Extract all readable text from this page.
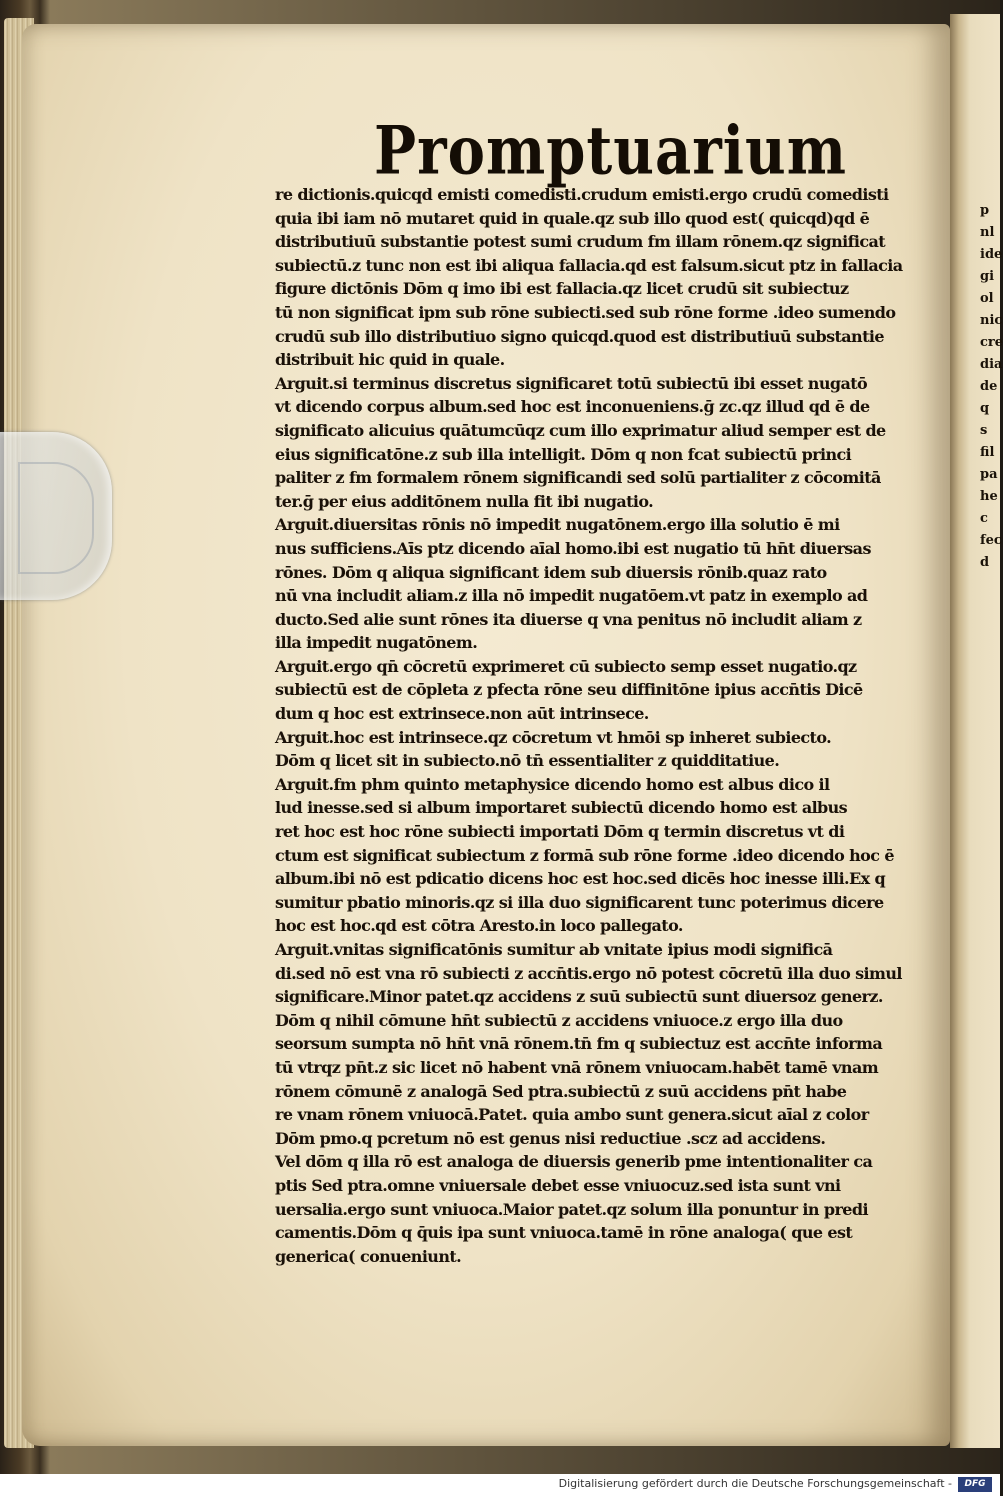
p
nl
ide
gi
ol
nic
cre
dia
de
q
s
fil
pa
he
c
fec
d
Promptuarium
re dictionis.quicqd emisti comedisti.crudum emisti.ergo crudū comedisti
quia ibi iam nō mutaret quid in quale.qz sub illo quod est( quicqd)qd ē
distributiuū substantie potest sumi crudum fm illam rōnem.qz significat
subiectū.z tunc non est ibi aliqua fallacia.qd est falsum.sicut ptz in fallacia
figure dictōnis Dōm q imo ibi est fallacia.qz licet crudū sit subiectuz
tū non significat ipm sub rōne subiecti.sed sub rōne forme .ideo sumendo
crudū sub illo distributiuo signo quicqd.quod est distributiuū substantie
distribuit hic quid in quale.
Arguit.si terminus discretus significaret totū subiectū ibi esset nugatō
vt dicendo corpus album.sed hoc est inconueniens.ḡ zc.qz illud qd ē de
significato alicuius quātumcūqz cum illo exprimatur aliud semper est de
eius significatōne.z sub illa intelligit. Dōm q non fcat subiectū princi
paliter z fm formalem rōnem significandi sed solū partialiter z cōcomitā
ter.ḡ per eius additōnem nulla fit ibi nugatio.
Arguit.diuersitas rōnis nō impedit nugatōnem.ergo illa solutio ē mi
nus sufficiens.Aīs ptz dicendo aīal homo.ibi est nugatio tū hn̄t diuersas
rōnes. Dōm q aliqua significant idem sub diuersis rōnib.quaz rato
nū vna includit aliam.z illa nō impedit nugatōem.vt patz in exemplo ad
ducto.Sed alie sunt rōnes ita diuerse q vna penitus nō includit aliam z
illa impedit nugatōnem.
Arguit.ergo qn̄ cōcretū exprimeret cū subiecto semp esset nugatio.qz
subiectū est de cōpleta z pfecta rōne seu diffinitōne ipius accn̄tis Dicē
dum q hoc est extrinsece.non aūt intrinsece.
Arguit.hoc est intrinsece.qz cōcretum vt hmōi sp inheret subiecto.
Dōm q licet sit in subiecto.nō tn̄ essentialiter z quidditatiue.
Arguit.fm phm quinto metaphysice dicendo homo est albus dico il
lud inesse.sed si album importaret subiectū dicendo homo est albus
ret hoc est hoc rōne subiecti importati Dōm q termin discretus vt di
ctum est significat subiectum z formā sub rōne forme .ideo dicendo hoc ē
album.ibi nō est pdicatio dicens hoc est hoc.sed dicēs hoc inesse illi.Ex q
sumitur pbatio minoris.qz si illa duo significarent tunc poterimus dicere
hoc est hoc.qd est cōtra Aresto.in loco pallegato.
Arguit.vnitas significatōnis sumitur ab vnitate ipius modi significā
di.sed nō est vna rō subiecti z accn̄tis.ergo nō potest cōcretū illa duo simul
significare.Minor patet.qz accidens z suū subiectū sunt diuersoz generz.
Dōm q nihil cōmune hn̄t subiectū z accidens vniuoce.z ergo illa duo
seorsum sumpta nō hn̄t vnā rōnem.tn̄ fm q subiectuz est accn̄te informa
tū vtrqz pn̄t.z sic licet nō habent vnā rōnem vniuocam.habēt tamē vnam
rōnem cōmunē z analogā Sed ptra.subiectū z suū accidens pn̄t habe
re vnam rōnem vniuocā.Patet. quia ambo sunt genera.sicut aīal z color
Dōm pmo.q pcretum nō est genus nisi reductiue .scz ad accidens.
Vel dōm q illa rō est analoga de diuersis generib pme intentionaliter ca
ptis Sed ptra.omne vniuersale debet esse vniuocuz.sed ista sunt vni
uersalia.ergo sunt vniuoca.Maior patet.qz solum illa ponuntur in predi
camentis.Dōm q q̄uis ipa sunt vniuoca.tamē in rōne analoga( que est
generica( conueniunt.
Digitalisierung gefördert durch die Deutsche Forschungsgemeinschaft -	DFG
